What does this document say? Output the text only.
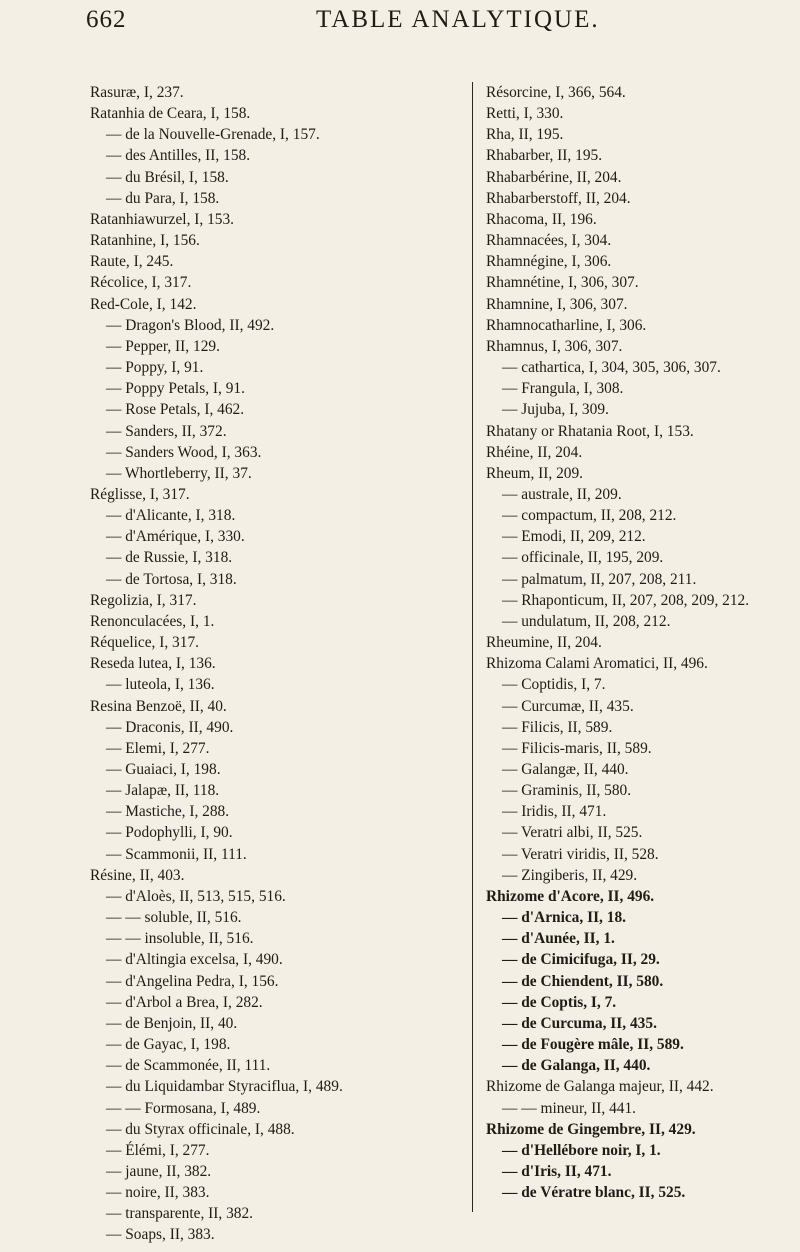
662	TABLE ANALYTIQUE.
Rasuræ, I, 237.
Ratanhia de Ceara, I, 158.
— de la Nouvelle-Grenade, I, 157.
— des Antilles, II, 158.
— du Brésil, I, 158.
— du Para, I, 158.
Ratanhiawurzel, I, 153.
Ratanhine, I, 156.
Raute, I, 245.
Récolice, I, 317.
Red-Cole, I, 142.
— Dragon's Blood, II, 492.
— Pepper, II, 129.
— Poppy, I, 91.
— Poppy Petals, I, 91.
— Rose Petals, I, 462.
— Sanders, II, 372.
— Sanders Wood, I, 363.
— Whortleberry, II, 37.
Réglisse, I, 317.
— d'Alicante, I, 318.
— d'Amérique, I, 330.
— de Russie, I, 318.
— de Tortosa, I, 318.
Regolizia, I, 317.
Renonculacées, I, 1.
Réquelice, I, 317.
Reseda lutea, I, 136.
— luteola, I, 136.
Resina Benzoë, II, 40.
— Draconis, II, 490.
— Elemi, I, 277.
— Guaiaci, I, 198.
— Jalapæ, II, 118.
— Mastiche, I, 288.
— Podophylli, I, 90.
— Scammonii, II, 111.
Résine, II, 403.
— d'Aloès, II, 513, 515, 516.
— — soluble, II, 516.
— — insoluble, II, 516.
— d'Altingia excelsa, I, 490.
— d'Angelina Pedra, I, 156.
— d'Arbol a Brea, I, 282.
— de Benjoin, II, 40.
— de Gayac, I, 198.
— de Scammonée, II, 111.
— du Liquidambar Styraciflua, I, 489.
— — Formosana, I, 489.
— du Styrax officinale, I, 488.
— Élémi, I, 277.
— jaune, II, 382.
— noire, II, 383.
— transparente, II, 382.
— Soaps, II, 383.
Résorcine, I, 366, 564.
Retti, I, 330.
Rha, II, 195.
Rhabarber, II, 195.
Rhabarbérine, II, 204.
Rhabarberstoff, II, 204.
Rhacoma, II, 196.
Rhamnacées, I, 304.
Rhamnégine, I, 306.
Rhamnétine, I, 306, 307.
Rhamnine, I, 306, 307.
Rhamnocatharline, I, 306.
Rhamnus, I, 306, 307.
— cathartica, I, 304, 305, 306, 307.
— Frangula, I, 308.
— Jujuba, I, 309.
Rhatany or Rhatania Root, I, 153.
Rhéine, II, 204.
Rheum, II, 209.
— australe, II, 209.
— compactum, II, 208, 212.
— Emodi, II, 209, 212.
— officinale, II, 195, 209.
— palmatum, II, 207, 208, 211.
— Rhaponticum, II, 207, 208, 209, 212.
— undulatum, II, 208, 212.
Rheumine, II, 204.
Rhizoma Calami Aromatici, II, 496.
— Coptidis, I, 7.
— Curcumæ, II, 435.
— Filicis, II, 589.
— Filicis-maris, II, 589.
— Galangæ, II, 440.
— Graminis, II, 580.
— Iridis, II, 471.
— Veratri albi, II, 525.
— Veratri viridis, II, 528.
— Zingiberis, II, 429.
Rhizome d'Acore, II, 496.
— d'Arnica, II, 18.
— d'Aunée, II, 1.
— de Cimicifuga, II, 29.
— de Chiendent, II, 580.
— de Coptis, I, 7.
— de Curcuma, II, 435.
— de Fougère mâle, II, 589.
— de Galanga, II, 440.
Rhizome de Galanga majeur, II, 442.
— — mineur, II, 441.
Rhizome de Gingembre, II, 429.
— d'Hellébore noir, I, 1.
— d'Iris, II, 471.
— de Vératre blanc, II, 525.
